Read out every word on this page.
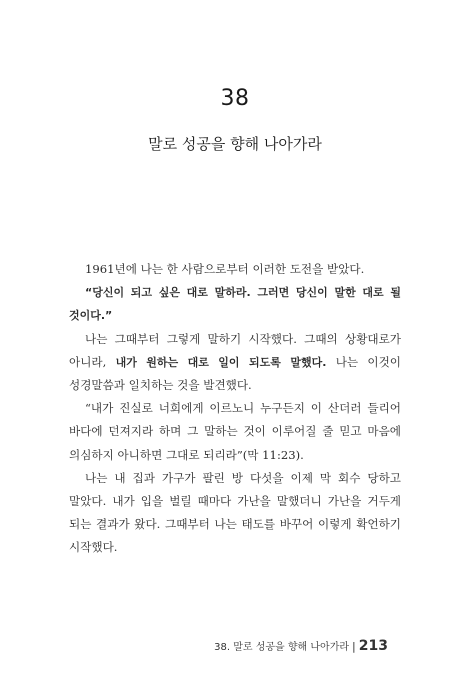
38
말로 성공을 향해 나아가라

1961년에 나는 한 사람으로부터 이러한 도전을 받았다.

“당신이 되고 싶은 대로 말하라. 그러면 당신이 말한 대로 될 것이다.”

나는 그때부터 그렇게 말하기 시작했다. 그때의 상황대로가 아니라, 내가 원하는 대로 일이 되도록 말했다. 나는 이것이 성경말씀과 일치하는 것을 발견했다.

“내가 진실로 너희에게 이르노니 누구든지 이 산더러 들리어 바다에 던져지라 하며 그 말하는 것이 이루어질 줄 믿고 마음에 의심하지 아니하면 그대로 되리라”(막 11:23).

나는 내 집과 가구가 팔린 방 다섯을 이제 막 회수 당하고 말았다. 내가 입을 벌릴 때마다 가난을 말했더니 가난을 거두게 되는 결과가 왔다. 그때부터 나는 태도를 바꾸어 이렇게 확언하기 시작했다.

38. 말로 성공을 향해 나아가라 | 213
